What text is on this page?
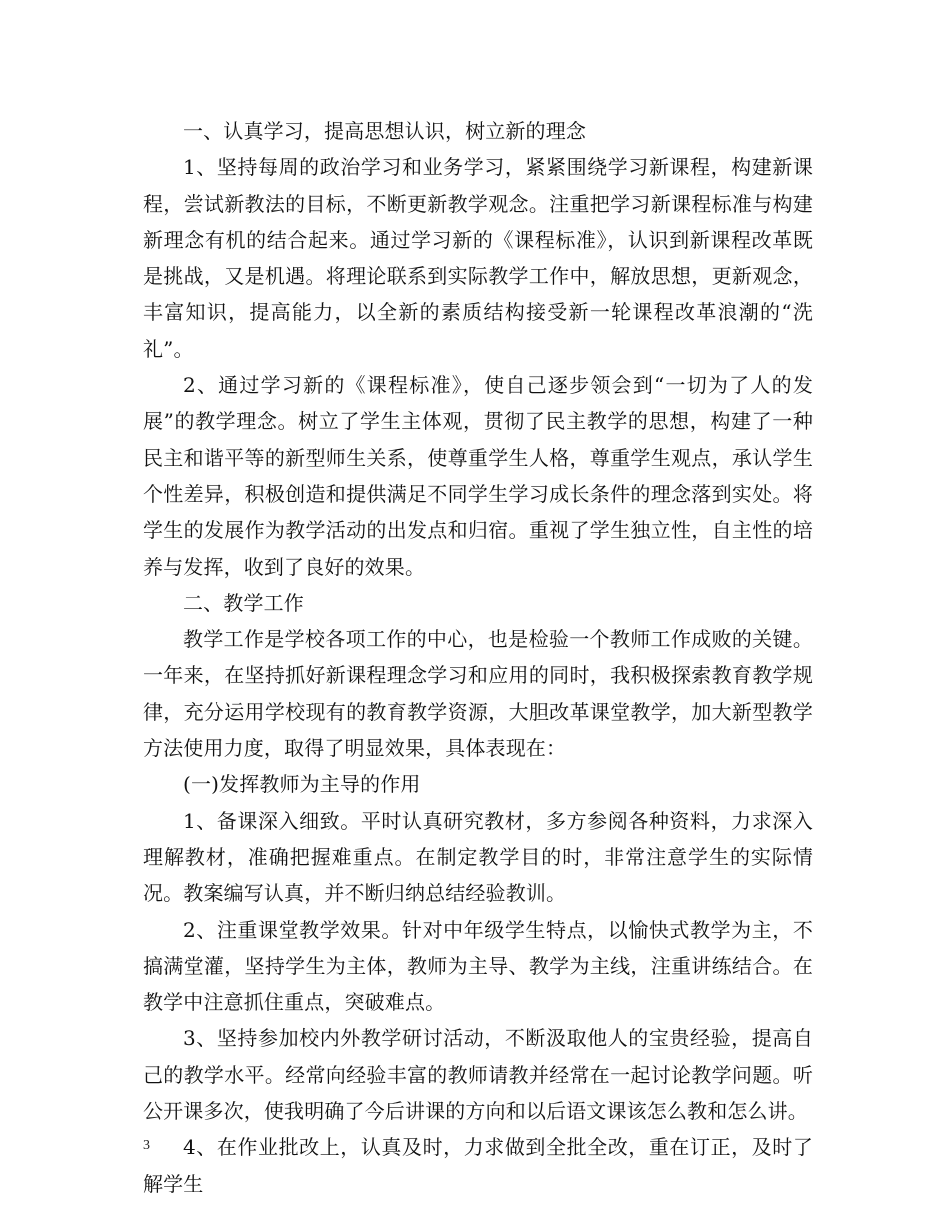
一、认真学习，提高思想认识，树立新的理念

1、坚持每周的政治学习和业务学习，紧紧围绕学习新课程，构建新课程，尝试新教法的目标，不断更新教学观念。注重把学习新课程标准与构建新理念有机的结合起来。通过学习新的《课程标准》，认识到新课程改革既是挑战，又是机遇。将理论联系到实际教学工作中，解放思想，更新观念，丰富知识，提高能力，以全新的素质结构接受新一轮课程改革浪潮的“洗礼”。

2、通过学习新的《课程标准》，使自己逐步领会到“一切为了人的发展”的教学理念。树立了学生主体观，贯彻了民主教学的思想，构建了一种民主和谐平等的新型师生关系，使尊重学生人格，尊重学生观点，承认学生个性差异，积极创造和提供满足不同学生学习成长条件的理念落到实处。将学生的发展作为教学活动的出发点和归宿。重视了学生独立性，自主性的培养与发挥，收到了良好的效果。

二、教学工作

教学工作是学校各项工作的中心，也是检验一个教师工作成败的关键。一年来，在坚持抓好新课程理念学习和应用的同时，我积极探索教育教学规律，充分运用学校现有的教育教学资源，大胆改革课堂教学，加大新型教学方法使用力度，取得了明显效果，具体表现在：

(一)发挥教师为主导的作用

1、备课深入细致。平时认真研究教材，多方参阅各种资料，力求深入理解教材，准确把握难重点。在制定教学目的时，非常注意学生的实际情况。教案编写认真，并不断归纳总结经验教训。

2、注重课堂教学效果。针对中年级学生特点，以愉快式教学为主，不搞满堂灌，坚持学生为主体，教师为主导、教学为主线，注重讲练结合。在教学中注意抓住重点，突破难点。

3、坚持参加校内外教学研讨活动，不断汲取他人的宝贵经验，提高自己的教学水平。经常向经验丰富的教师请教并经常在一起讨论教学问题。听公开课多次，使我明确了今后讲课的方向和以后语文课该怎么教和怎么讲。

4、在作业批改上，认真及时，力求做到全批全改，重在订正，及时了解学生

3
